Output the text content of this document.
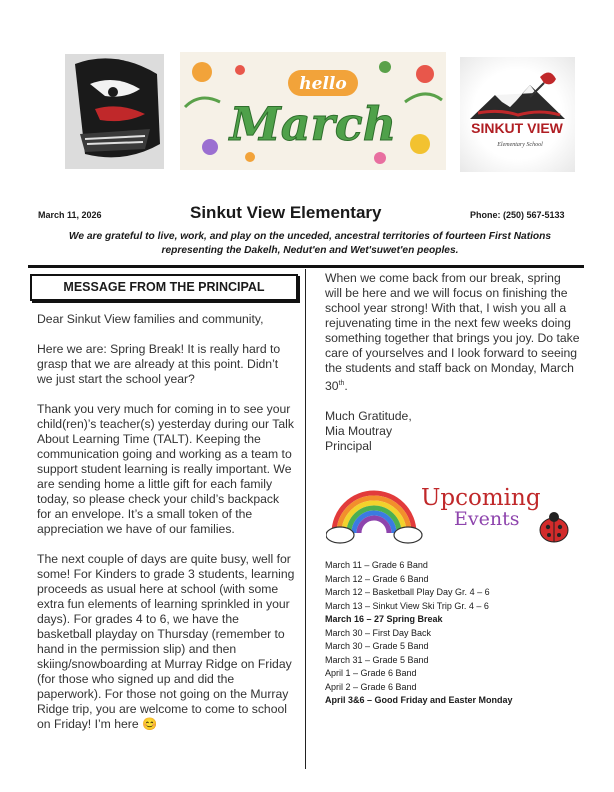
hello
March	SINKUT VIEW
Elementary School
March 11, 2026	Sinkut View Elementary	Phone: (250) 567-5133
We are grateful to live, work, and play on the unceded, ancestral territories of fourteen First Nations representing the Dakelh, Nedut'en and Wet'suwet'en peoples.
MESSAGE FROM THE PRINCIPAL

Dear Sinkut View families and community,

Here we are: Spring Break! It is really hard to grasp that we are already at this point. Didn’t we just start the school year?

Thank you very much for coming in to see your child(ren)’s teacher(s) yesterday during our Talk About Learning Time (TALT). Keeping the communication going and working as a team to support student learning is really important. We are sending home a little gift for each family today, so please check your child’s backpack for an envelope. It’s a small token of the appreciation we have of our families.

The next couple of days are quite busy, well for some! For Kinders to grade 3 students, learning proceeds as usual here at school (with some extra fun elements of learning sprinkled in your days). For grades 4 to 6, we have the basketball playday on Thursday (remember to hand in the permission slip) and then skiing/snowboarding at Murray Ridge on Friday (for those who signed up and did the paperwork). For those not going on the Murray Ridge trip, you are welcome to come to school on Friday! I’m here 😊

When we come back from our break, spring will be here and we will focus on finishing the school year strong! With that, I wish you all a rejuvenating time in the next few weeks doing something together that brings you joy. Do take care of yourselves and I look forward to seeing the students and staff back on Monday, March 30th.

Much Gratitude,
Mia Moutray
Principal
Upcoming
Events
March 11 – Grade 6 Band
March 12 – Grade 6 Band
March 12 – Basketball Play Day Gr. 4 – 6
March 13 – Sinkut View Ski Trip Gr. 4 – 6
March 16 – 27 Spring Break
March 30 – First Day Back
March 30 – Grade 5 Band
March 31 – Grade 5 Band
April 1 – Grade 6 Band
April 2 – Grade 6 Band
April 3&6 – Good Friday and Easter Monday
